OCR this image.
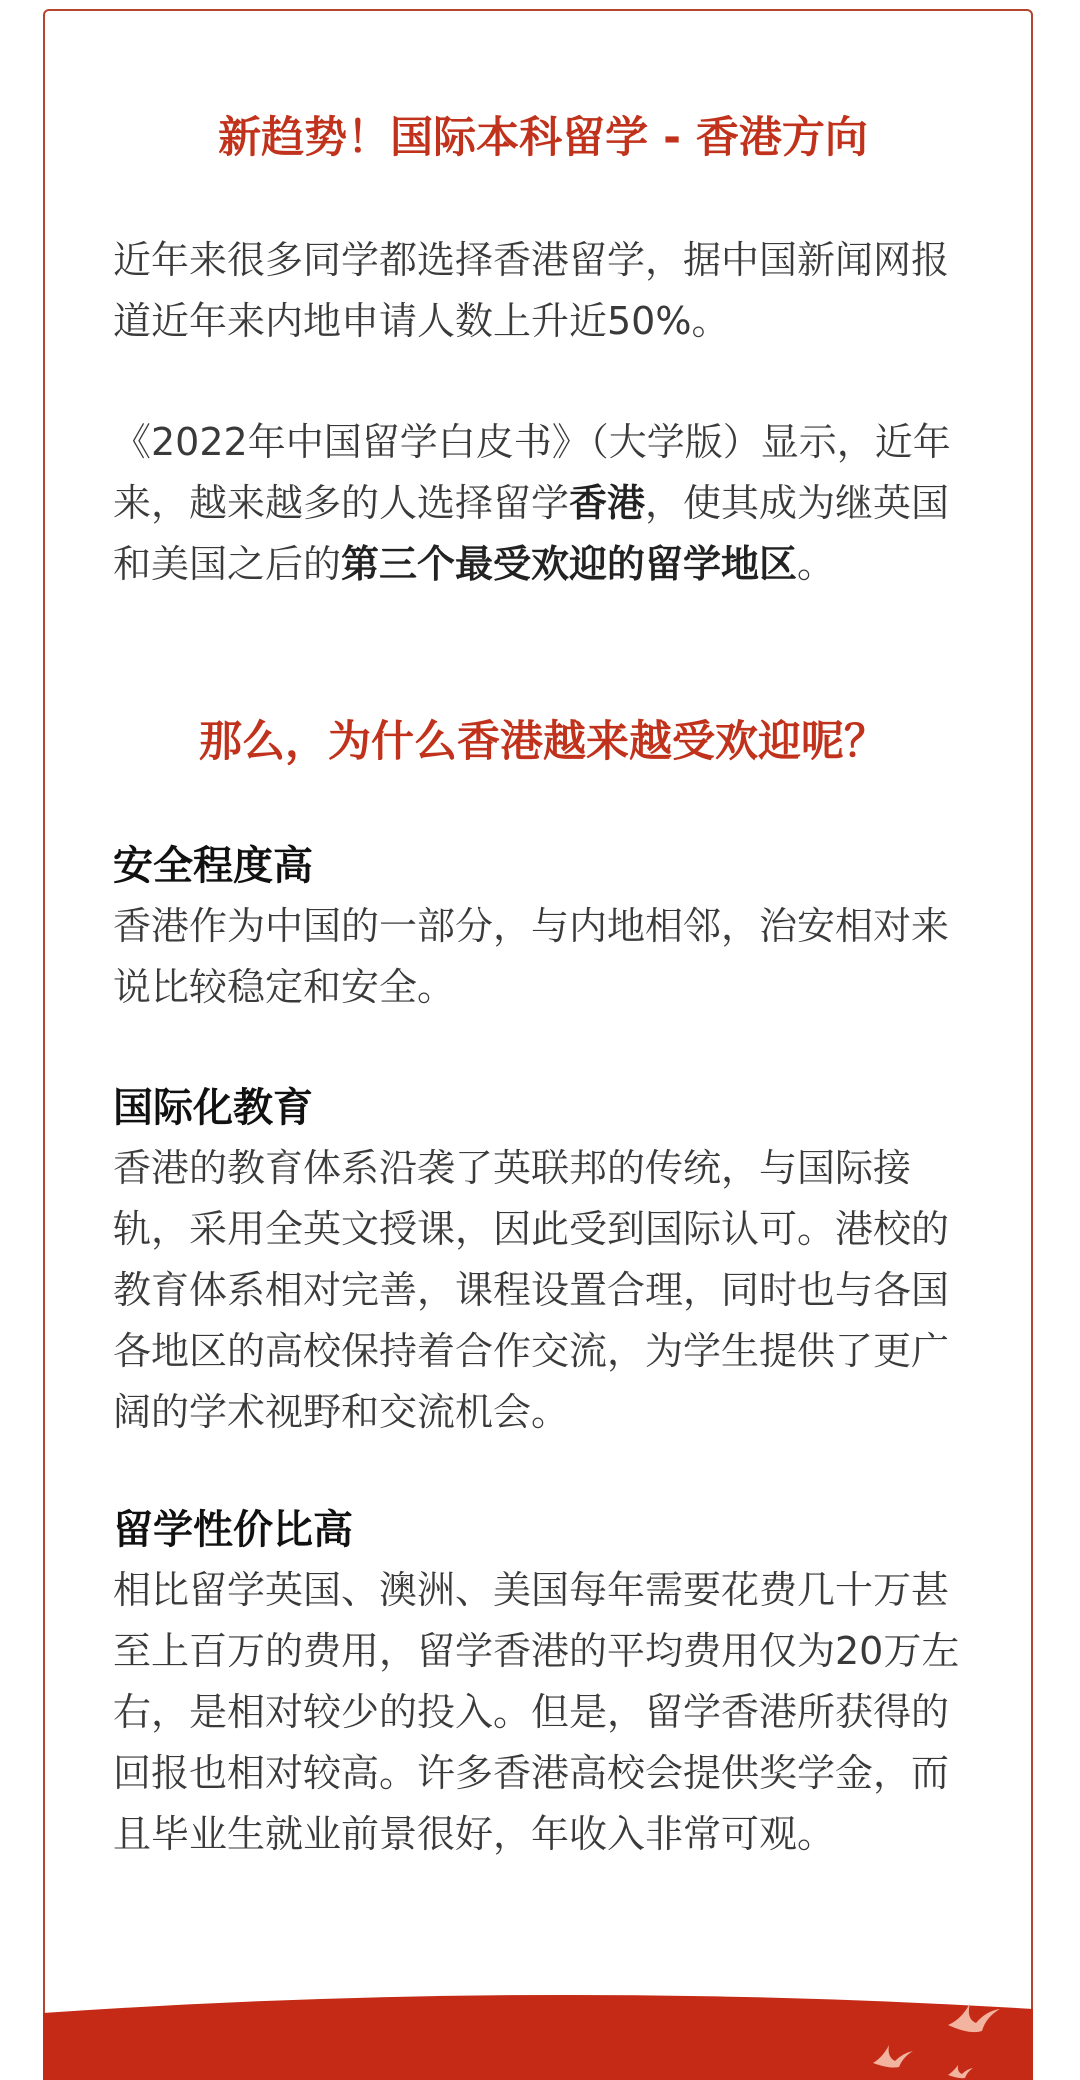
新趋势！国际本科留学 - 香港方向
近年来很多同学都选择香港留学，据中国新闻网报道近年来内地申请人数上升近50%。
《2022年中国留学白皮书》（大学版）显示，近年来，越来越多的人选择留学香港，使其成为继英国和美国之后的第三个最受欢迎的留学地区。
那么，为什么香港越来越受欢迎呢？
安全程度高
香港作为中国的一部分，与内地相邻，治安相对来说比较稳定和安全。
国际化教育
香港的教育体系沿袭了英联邦的传统，与国际接轨，采用全英文授课，因此受到国际认可。港校的教育体系相对完善，课程设置合理，同时也与各国各地区的高校保持着合作交流，为学生提供了更广阔的学术视野和交流机会。
留学性价比高
相比留学英国、澳洲、美国每年需要花费几十万甚至上百万的费用，留学香港的平均费用仅为20万左右，是相对较少的投入。但是，留学香港所获得的回报也相对较高。许多香港高校会提供奖学金，而且毕业生就业前景很好，年收入非常可观。
